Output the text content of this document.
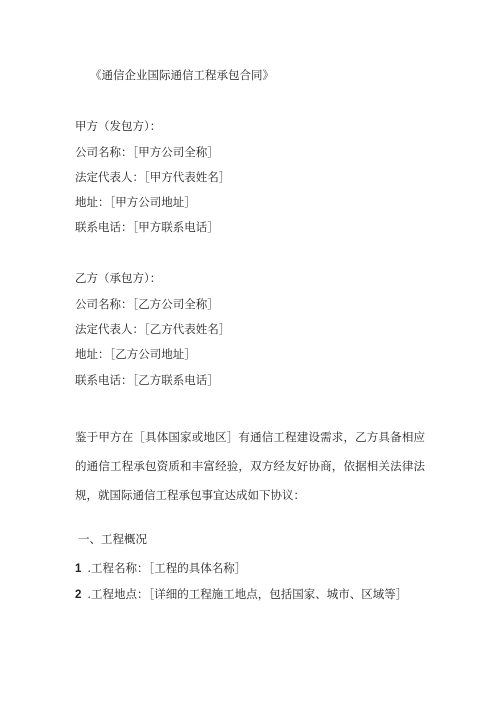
《通信企业国际通信工程承包合同》
甲方（发包方）：
公司名称：［甲方公司全称］
法定代表人：［甲方代表姓名］
地址：［甲方公司地址］
联系电话：［甲方联系电话］
乙方（承包方）：
公司名称：［乙方公司全称］
法定代表人：［乙方代表姓名］
地址：［乙方公司地址］
联系电话：［乙方联系电话］
鉴于甲方在［具体国家或地区］有通信工程建设需求，乙方具备相应的通信工程承包资质和丰富经验，双方经友好协商，依据相关法律法规，就国际通信工程承包事宜达成如下协议：
一、工程概况
1 .工程名称：［工程的具体名称］
2 .工程地点：［详细的工程施工地点，包括国家、城市、区域等］
